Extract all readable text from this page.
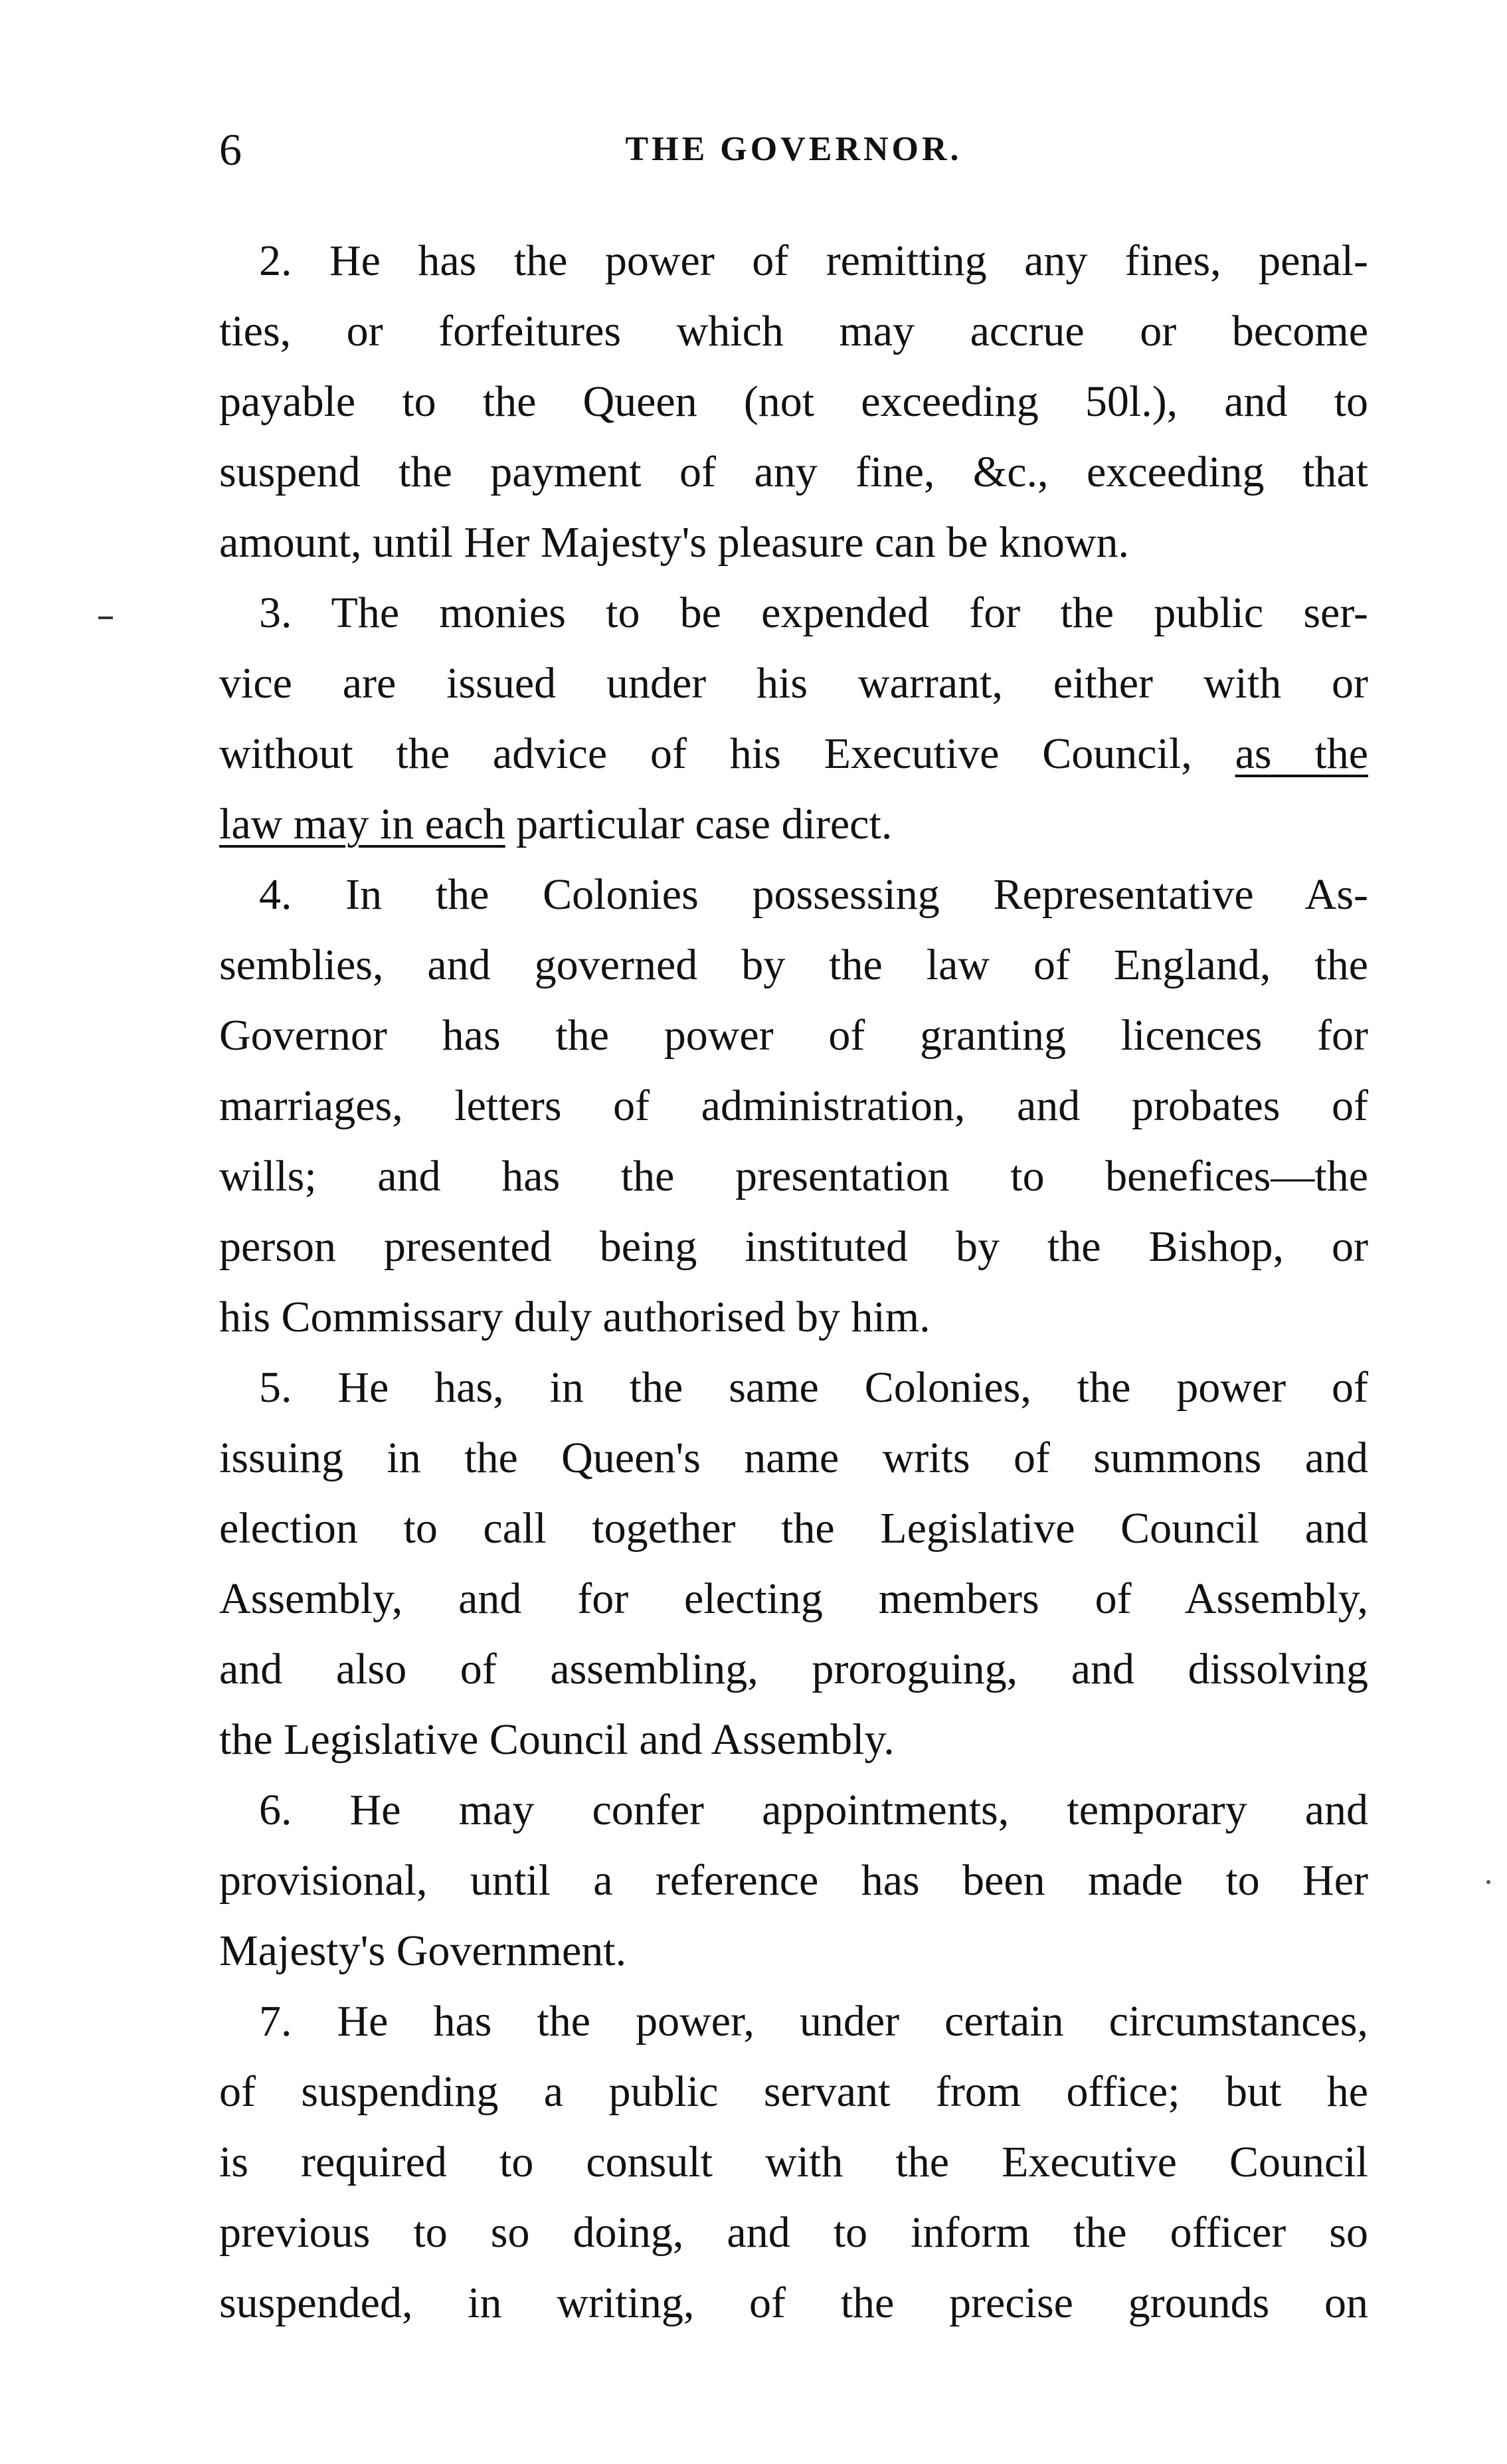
6	THE GOVERNOR.

2. He has the power of remitting any fines, penal-
ties, or forfeitures which may accrue or become
payable to the Queen (not exceeding 50l.), and to
suspend the payment of any fine, &c., exceeding that
amount, until Her Majesty's pleasure can be known.

3. The monies to be expended for the public ser-
vice are issued under his warrant, either with or
without the advice of his Executive Council, as the
law may in each particular case direct.

4. In the Colonies possessing Representative As-
semblies, and governed by the law of England, the
Governor has the power of granting licences for
marriages, letters of administration, and probates of
wills; and has the presentation to benefices—the
person presented being instituted by the Bishop, or
his Commissary duly authorised by him.

5. He has, in the same Colonies, the power of
issuing in the Queen's name writs of summons and
election to call together the Legislative Council and
Assembly, and for electing members of Assembly,
and also of assembling, proroguing, and dissolving
the Legislative Council and Assembly.

6. He may confer appointments, temporary and
provisional, until a reference has been made to Her
Majesty's Government.

7. He has the power, under certain circumstances,
of suspending a public servant from office; but he
is required to consult with the Executive Council
previous to so doing, and to inform the officer so
suspended, in writing, of the precise grounds on
